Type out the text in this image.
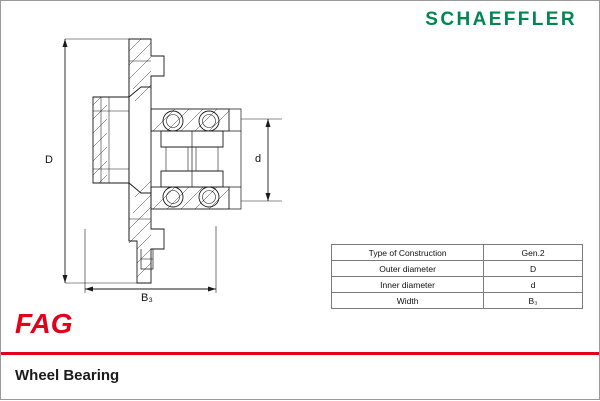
SCHAEFFLER
D	d
B₃
Type of Construction	Gen.2
Outer diameter	D
Inner diameter	d
Width	B₃
FAG
Wheel Bearing
